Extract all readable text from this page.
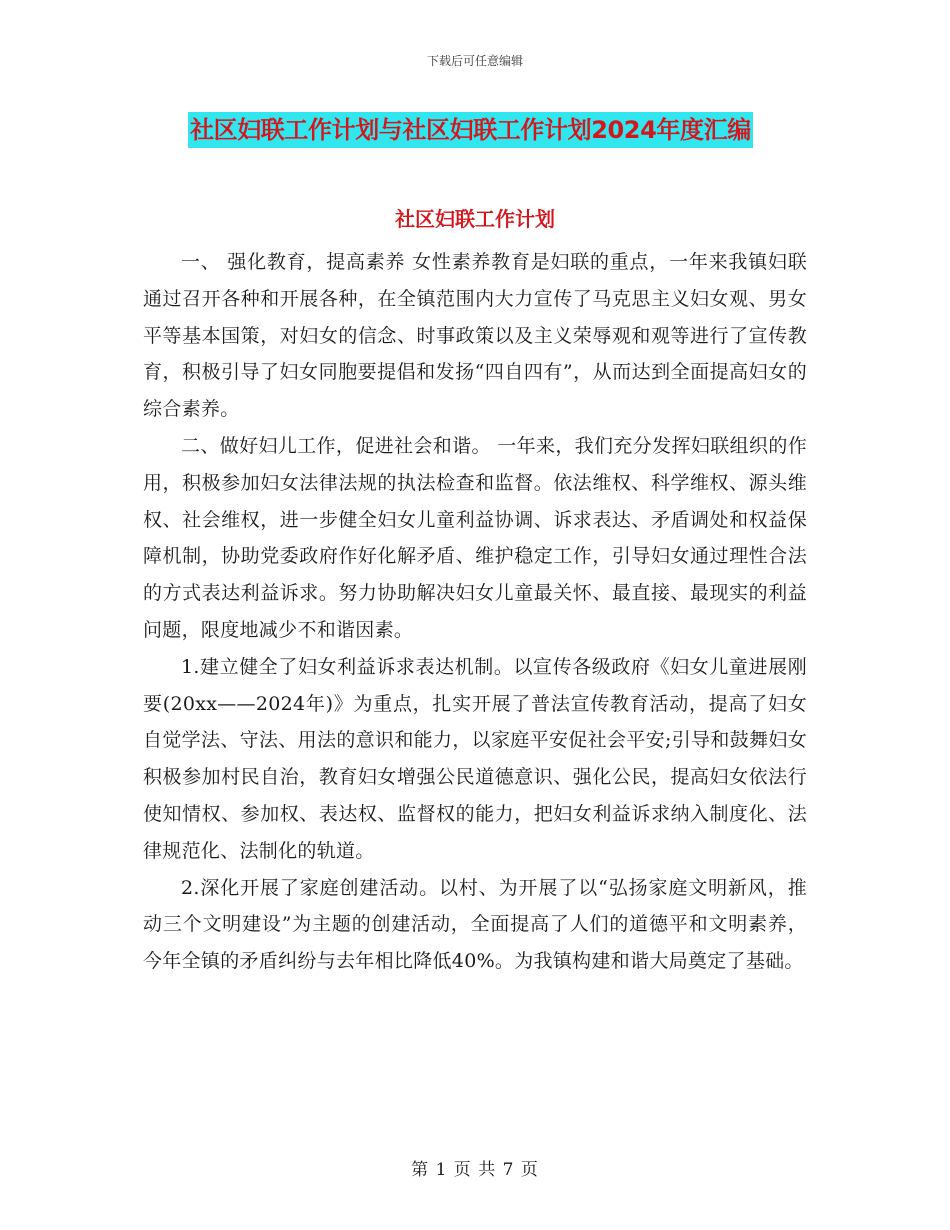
下载后可任意编辑
社区妇联工作计划与社区妇联工作计划2024年度汇编
社区妇联工作计划

一、 强化教育，提高素养 女性素养教育是妇联的重点，一年来我镇妇联通过召开各种和开展各种，在全镇范围内大力宣传了马克思主义妇女观、男女平等基本国策，对妇女的信念、时事政策以及主义荣辱观和观等进行了宣传教育，积极引导了妇女同胞要提倡和发扬“四自四有”，从而达到全面提高妇女的综合素养。

二、做好妇儿工作，促进社会和谐。 一年来，我们充分发挥妇联组织的作用，积极参加妇女法律法规的执法检查和监督。依法维权、科学维权、源头维权、社会维权，进一步健全妇女儿童利益协调、诉求表达、矛盾调处和权益保障机制，协助党委政府作好化解矛盾、维护稳定工作，引导妇女通过理性合法的方式表达利益诉求。努力协助解决妇女儿童最关怀、最直接、最现实的利益问题，限度地减少不和谐因素。

1.建立健全了妇女利益诉求表达机制。以宣传各级政府《妇女儿童进展刚要(20xx——2024年)》为重点，扎实开展了普法宣传教育活动，提高了妇女自觉学法、守法、用法的意识和能力，以家庭平安促社会平安;引导和鼓舞妇女积极参加村民自治，教育妇女增强公民道德意识、强化公民，提高妇女依法行使知情权、参加权、表达权、监督权的能力，把妇女利益诉求纳入制度化、法律规范化、法制化的轨道。

2.深化开展了家庭创建活动。以村、为开展了以“弘扬家庭文明新风，推动三个文明建设”为主题的创建活动，全面提高了人们的道德平和文明素养，今年全镇的矛盾纠纷与去年相比降低40%。为我镇构建和谐大局奠定了基础。

第 1 页 共 7 页
